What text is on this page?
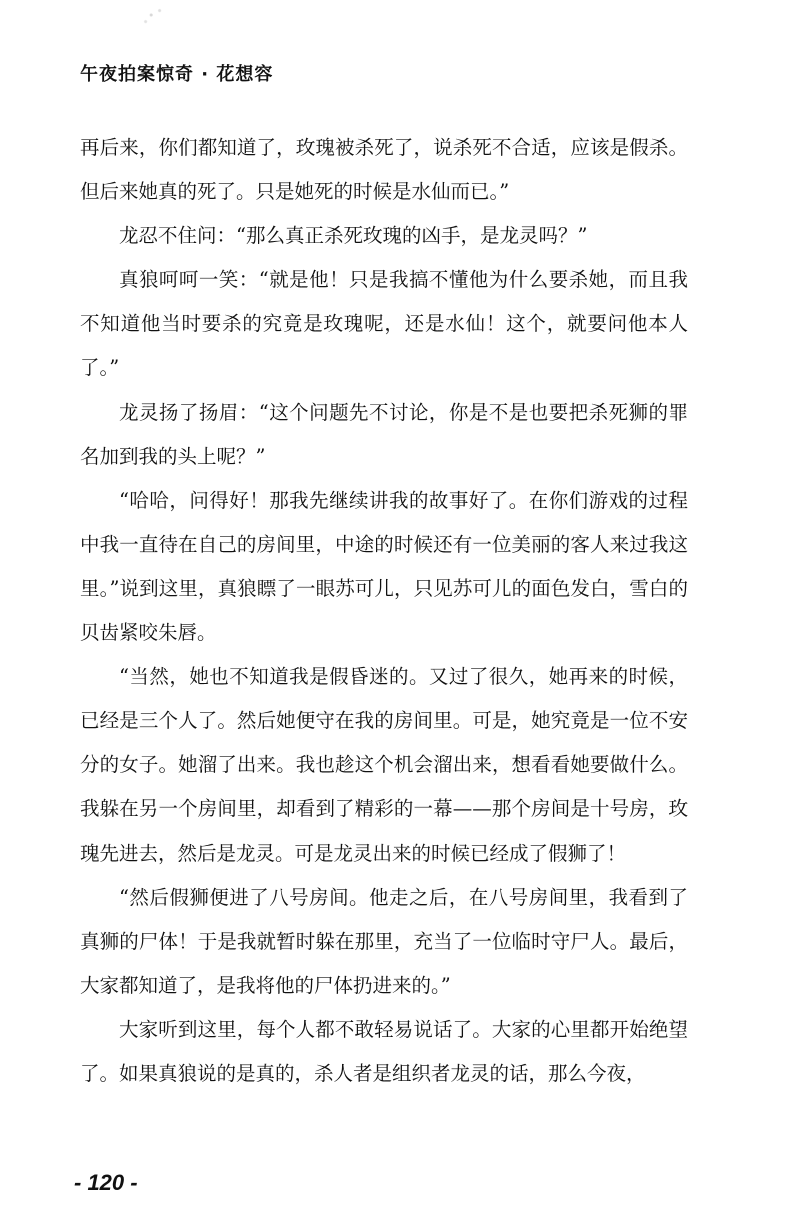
午夜拍案惊奇 · 花想容

再后来，你们都知道了，玫瑰被杀死了，说杀死不合适，应该是假杀。但后来她真的死了。只是她死的时候是水仙而已。”

龙忍不住问：“那么真正杀死玫瑰的凶手，是龙灵吗？”

真狼呵呵一笑：“就是他！只是我搞不懂他为什么要杀她，而且我不知道他当时要杀的究竟是玫瑰呢，还是水仙！这个，就要问他本人了。”

龙灵扬了扬眉：“这个问题先不讨论，你是不是也要把杀死狮的罪名加到我的头上呢？”

“哈哈，问得好！那我先继续讲我的故事好了。在你们游戏的过程中我一直待在自己的房间里，中途的时候还有一位美丽的客人来过我这里。”说到这里，真狼瞟了一眼苏可儿，只见苏可儿的面色发白，雪白的贝齿紧咬朱唇。

“当然，她也不知道我是假昏迷的。又过了很久，她再来的时候，已经是三个人了。然后她便守在我的房间里。可是，她究竟是一位不安分的女子。她溜了出来。我也趁这个机会溜出来，想看看她要做什么。我躲在另一个房间里，却看到了精彩的一幕——那个房间是十号房，玫瑰先进去，然后是龙灵。可是龙灵出来的时候已经成了假狮了！

“然后假狮便进了八号房间。他走之后，在八号房间里，我看到了真狮的尸体！于是我就暂时躲在那里，充当了一位临时守尸人。最后，大家都知道了，是我将他的尸体扔进来的。”

大家听到这里，每个人都不敢轻易说话了。大家的心里都开始绝望了。如果真狼说的是真的，杀人者是组织者龙灵的话，那么今夜，

- 120 -
